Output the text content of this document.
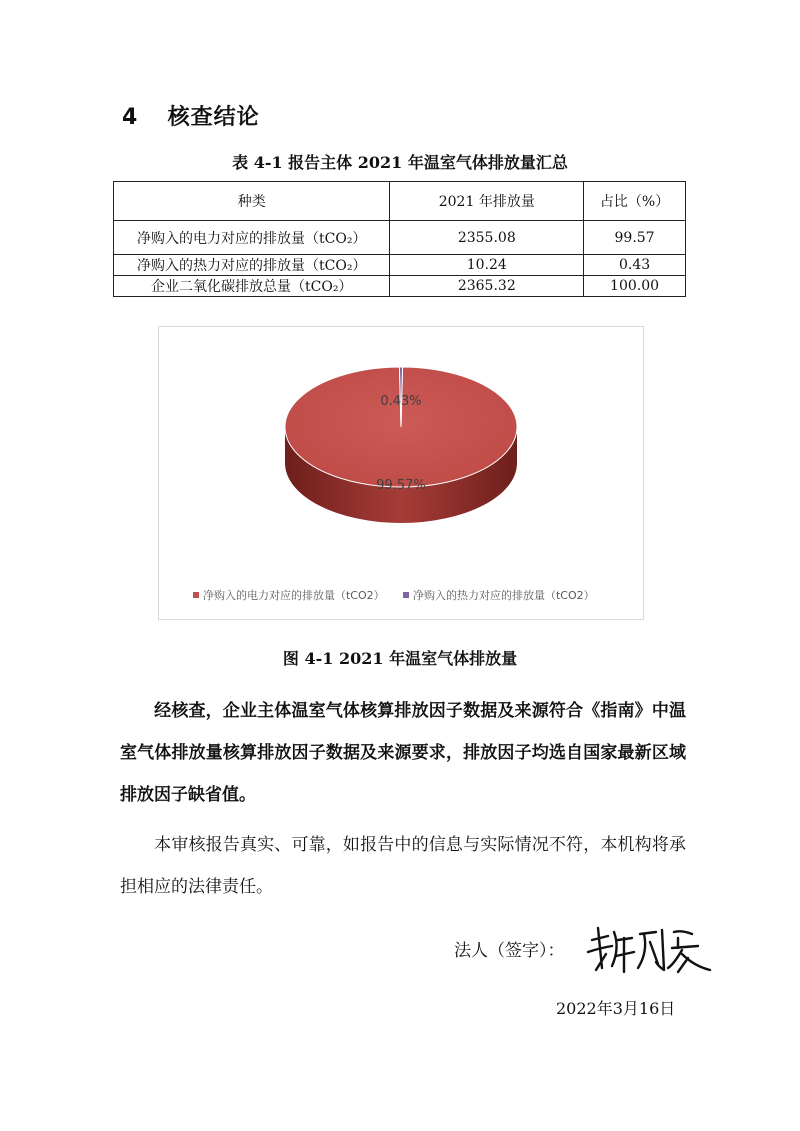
4 核查结论
表 4-1 报告主体 2021 年温室气体排放量汇总
种类	2021 年排放量	占比（%）
净购入的电力对应的排放量（tCO₂）	2355.08	99.57
净购入的热力对应的排放量（tCO₂）	10.24	0.43
企业二氧化碳排放总量（tCO₂）	2365.32	100.00
99.57%
0.43%
净购入的电力对应的排放量（tCO2）	净购入的热力对应的排放量（tCO2）
图 4-1 2021 年温室气体排放量
经核查，企业主体温室气体核算排放因子数据及来源符合《指南》中温室气体排放量核算排放因子数据及来源要求，排放因子均选自国家最新区域排放因子缺省值。
本审核报告真实、可靠，如报告中的信息与实际情况不符，本机构将承担相应的法律责任。
法人（签字）：
2022年3月16日
